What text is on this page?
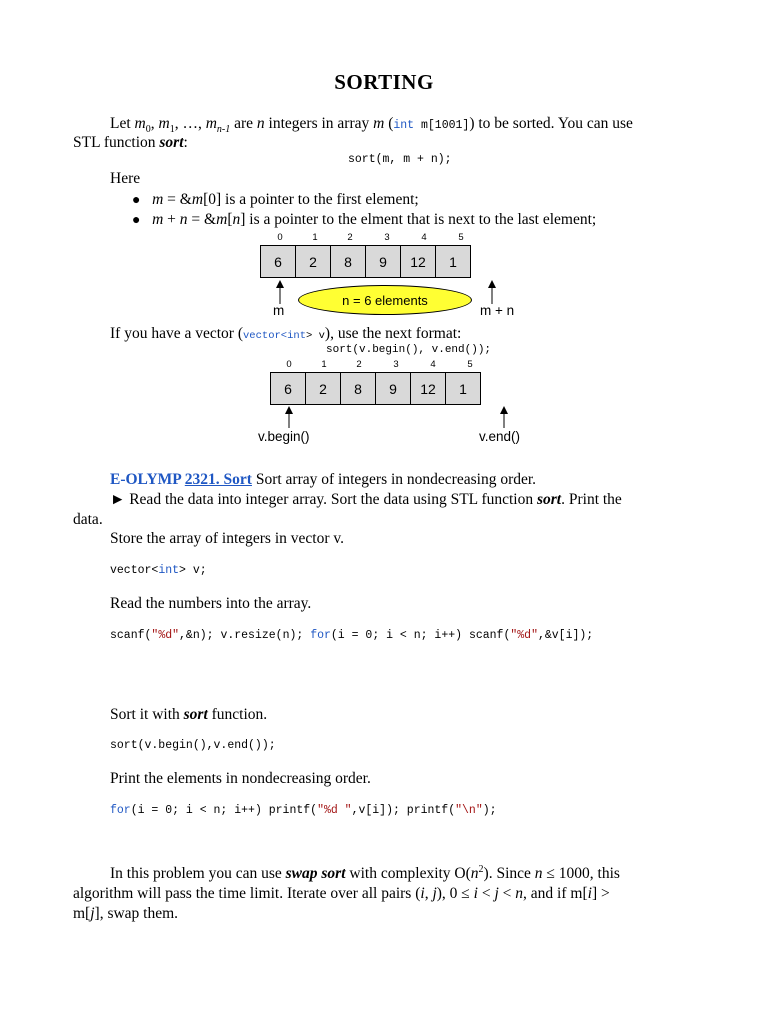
SORTING
Let $m_0$, $m_1$, …, $m_{n-1}$ are n integers in array m (int m[1001]) to be sorted. You can use
STL function sort:
sort(m, m + n);
Here
● m = &m[0] is a pointer to the first element;
● m + n = &m[n] is a pointer to the elment that is next to the last element;
0	1	2	3	4	5
6	2	8	9	12	1
m	m + n
n = 6 elements
If you have a vector (vector<int> v), use the next format:
sort(v.begin(), v.end());
0	1	2	3	4	5
6	2	8	9	12	1
v.begin()	v.end()
E-OLYMP 2321. Sort Sort array of integers in nondecreasing order.
► Read the data into integer array. Sort the data using STL function sort. Print the
data.
Store the array of integers in vector v.
vector<int> v;
Read the numbers into the array.
scanf("%d",&n); v.resize(n); for(i = 0; i < n; i++) scanf("%d",&v[i]);
Sort it with sort function.
sort(v.begin(),v.end());
Print the elements in nondecreasing order.
for(i = 0; i < n; i++) printf("%d ",v[i]); printf("\n");
In this problem you can use swap sort with complexity $O(n^2)$. Since n ≤ 1000, this
algorithm will pass the time limit. Iterate over all pairs (i, j), 0 ≤ i < j < n, and if m[i] >
m[j], swap them.
